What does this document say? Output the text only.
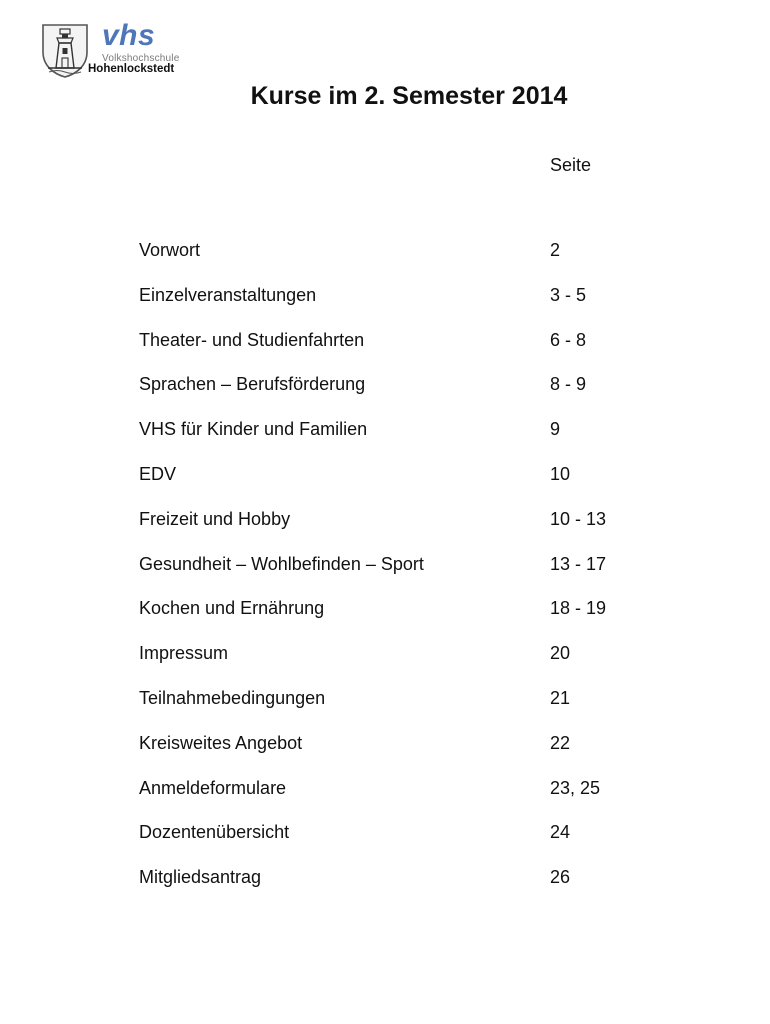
vhs
Volkshochschule
Hohenlockstedt
Kurse im 2. Semester 2014
Seite
Vorwort	2
Einzelveranstaltungen	3 - 5
Theater- und Studienfahrten	6 - 8
Sprachen – Berufsförderung	8 - 9
VHS für Kinder und Familien	9
EDV	10
Freizeit und Hobby	10 - 13
Gesundheit – Wohlbefinden – Sport	13 - 17
Kochen und Ernährung	18 - 19
Impressum	20
Teilnahmebedingungen	21
Kreisweites Angebot	22
Anmeldeformulare	23, 25
Dozentenübersicht	24
Mitgliedsantrag	26
